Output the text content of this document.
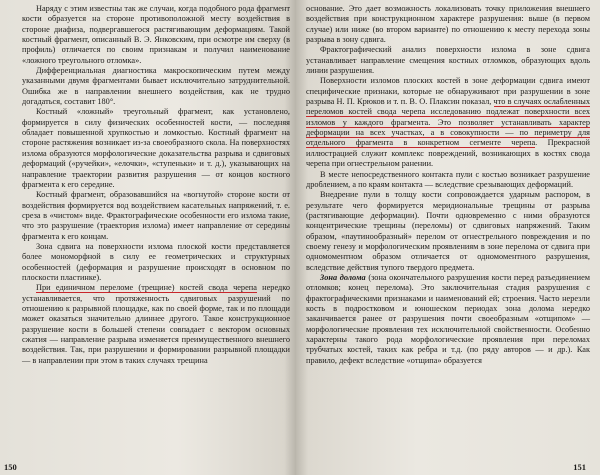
Наряду с этим известны так же случаи, когда подобного рода фрагмент кости образуется на стороне противоположной месту воздействия в стороне диафиза, подвергавшегося растягивающим деформациям. Такой костный фрагмент, описанный В. Э. Янковским, при осмотре им сверху (в профиль) отличается по своим признакам и получил наименование «ложного треугольного отломка».

Дифференциальная диагностика макроскопическим путем между указанными двумя фрагментами бывает исключительно затруднительной. Ошибка же в направлении внешнего воздействия, как не трудно догадаться, составит 180°.

Костный «ложный» треугольный фрагмент, как установлено, формируется в силу физических особенностей кости, — последняя обладает повышенной хрупкостью и ломкостью. Костный фрагмент на стороне растяжения возникает из-за своеобразного скола. На поверхностях излома образуются морфологические доказательства разрыва и сдвиговых деформаций («ручейки», «елочки», «ступеньки» и т. д.), указывающих на направление траектории развития разрушения — от концов костного фрагмента к его середине.

Костный фрагмент, образовавшийся на «вогнутой» стороне кости от воздействия формируется вод воздействием касательных напряжений, т. е. среза в «чистом» виде. Фрактографические особенности его излома такие, что это разрушение (траектория излома) имеет направление от середины фрагмента к его концам.

Зона сдвига на поверхности излома плоской кости представляется более мономорфной в силу ее геометрических и структурных особенностей (деформация и разрушение происходят в основном по плоскости пластинке).

При единичном переломе (трещине) костей свода черепа нередко устанавливается, что протяженность сдвиговых разрушений по отношению к разрывной площадке, как по своей форме, так и по площади может оказаться значительно длиннее другого. Такое конструкционное разрушение кости в большей степени совпадает с вектором основных сжатия — направление разрыва изменяется преимущественного внешнего воздействия. Так, при разрушении и формировании разрывной площадки — в направлении при этом в таких случаях трещина

150

основание. Это дает возможность локализовать точку приложения внешнего воздействия при конструкционном характере разрушения: выше (в первом случае) или ниже (во втором варианте) по отношению к месту перехода зоны разрыва в зону сдвига.

Фрактографический анализ поверхности излома в зоне сдвига устанавливает направление смещения костных отломков, образующих вдоль линии разрушения.

Поверхности изломов плоских костей в зоне деформации сдвига имеют специфические признаки, которые не обнаруживают при разрушении в зоне разрыва Н. П. Крюков и т. п. В. О. Плаксин показал, что в случаях ослабленных переломов костей свода черепа исследованию подлежат поверхности всех изломов у каждого фрагмента. Это позволяет устанавливать характер деформации на всех участках, а в совокупности — по периметру для отдельного фрагмента в конкретном сегменте черепа. Прекрасной иллюстрацией служит комплекс повреждений, возникающих в костях свода черепа при огнестрельном ранении.

В месте непосредственного контакта пули с костью возникает разрушение дроблением, а по краям контакта — вследствие срезывающих деформаций.

Внедрение пули в толщу кости сопровождается ударным распором, в результате чего формируется меридиональные трещины от разрыва (растягивающие деформации). Почти одновременно с ними образуются концентрические трещины (переломы) от сдвиговых напряжений. Таким образом, «паутинообразный» перелом от огнестрельного повреждения и по своему генезу и морфологическим проявлениям в зоне перелома от сдвига при одномоментном образом отличается от одномоментного разрушения, вследствие действия тупого твердого предмета.

Зона долома (зона окончательного разрушения кости перед разъединением отломков; конец перелома). Это заключительная стадия разрушения с фрактографическими признаками и наименований ей; строения. Часто нерезли кость в подростковом и юношеском периодах зона долома нередко заканчивается ранее от разрушения почти своеобразным «отщипом» — морфологические проявления тех исключительной свойственности. Особенно характерны такого рода морфологические проявления при переломах трубчатых костей, таких как ребра и т.д. (по ряду авторов — и др.). Как правило, дефект вследствие «отщипа» образуется

151
